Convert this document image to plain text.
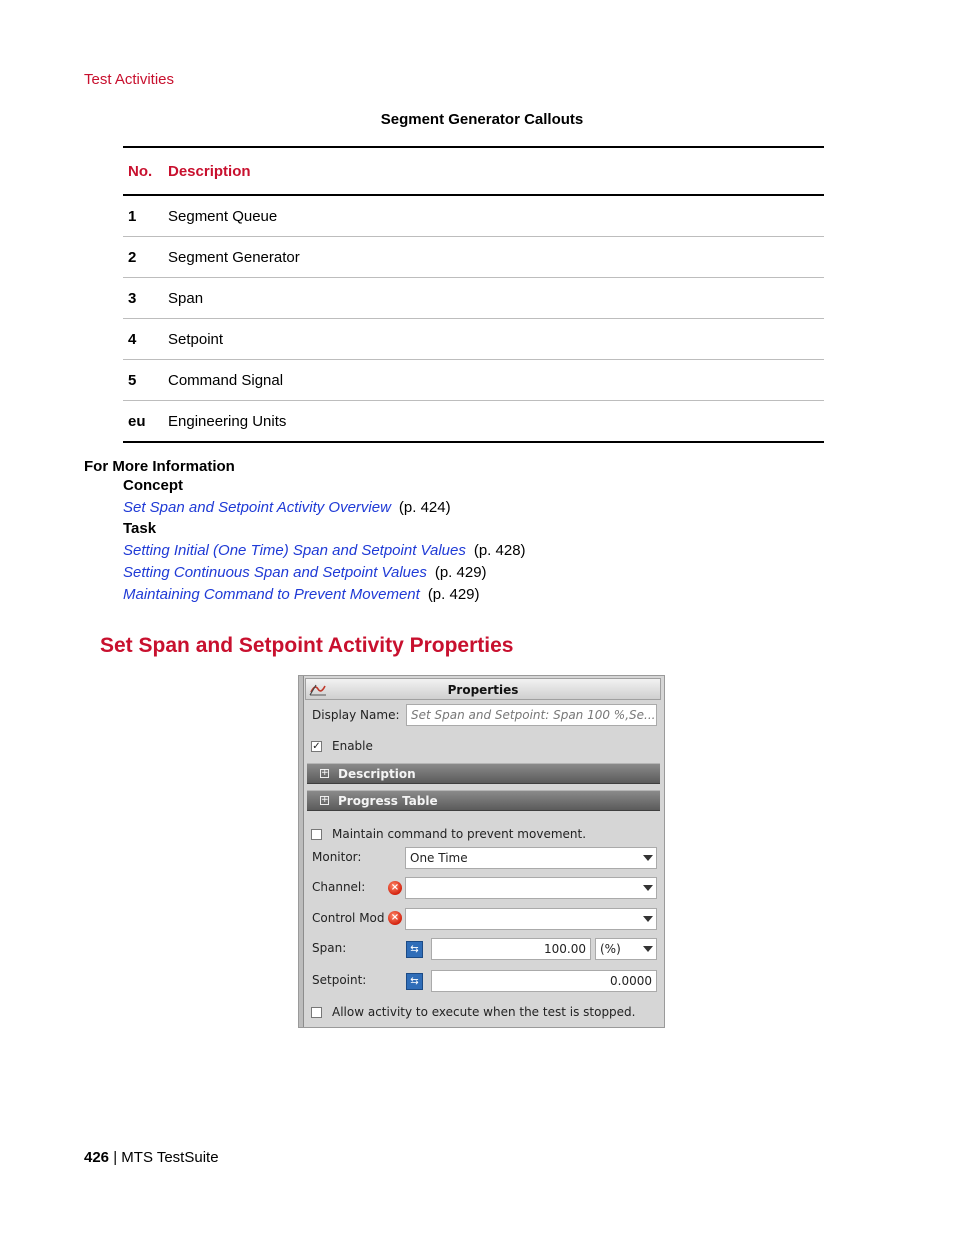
Test Activities
Segment Generator Callouts
No.	Description
1	Segment Queue
2	Segment Generator
3	Span
4	Setpoint
5	Command Signal
eu	Engineering Units
For More Information
Concept
Set Span and Setpoint Activity Overview (p. 424)
Task
Setting Initial (One Time) Span and Setpoint Values (p. 428)
Setting Continuous Span and Setpoint Values (p. 429)
Maintaining Command to Prevent Movement (p. 429)
Set Span and Setpoint Activity Properties
Properties
Display Name: Set Span and Setpoint: Span 100 %,Se...
✓ Enable
+ Description
+ Progress Table
Maintain command to prevent movement.
Monitor:	One Time
Channel:	×
Control Mod ×
Span:	⇆	100.00	(%)
Setpoint:	⇆	0.0000
Allow activity to execute when the test is stopped.
426 | MTS TestSuite
